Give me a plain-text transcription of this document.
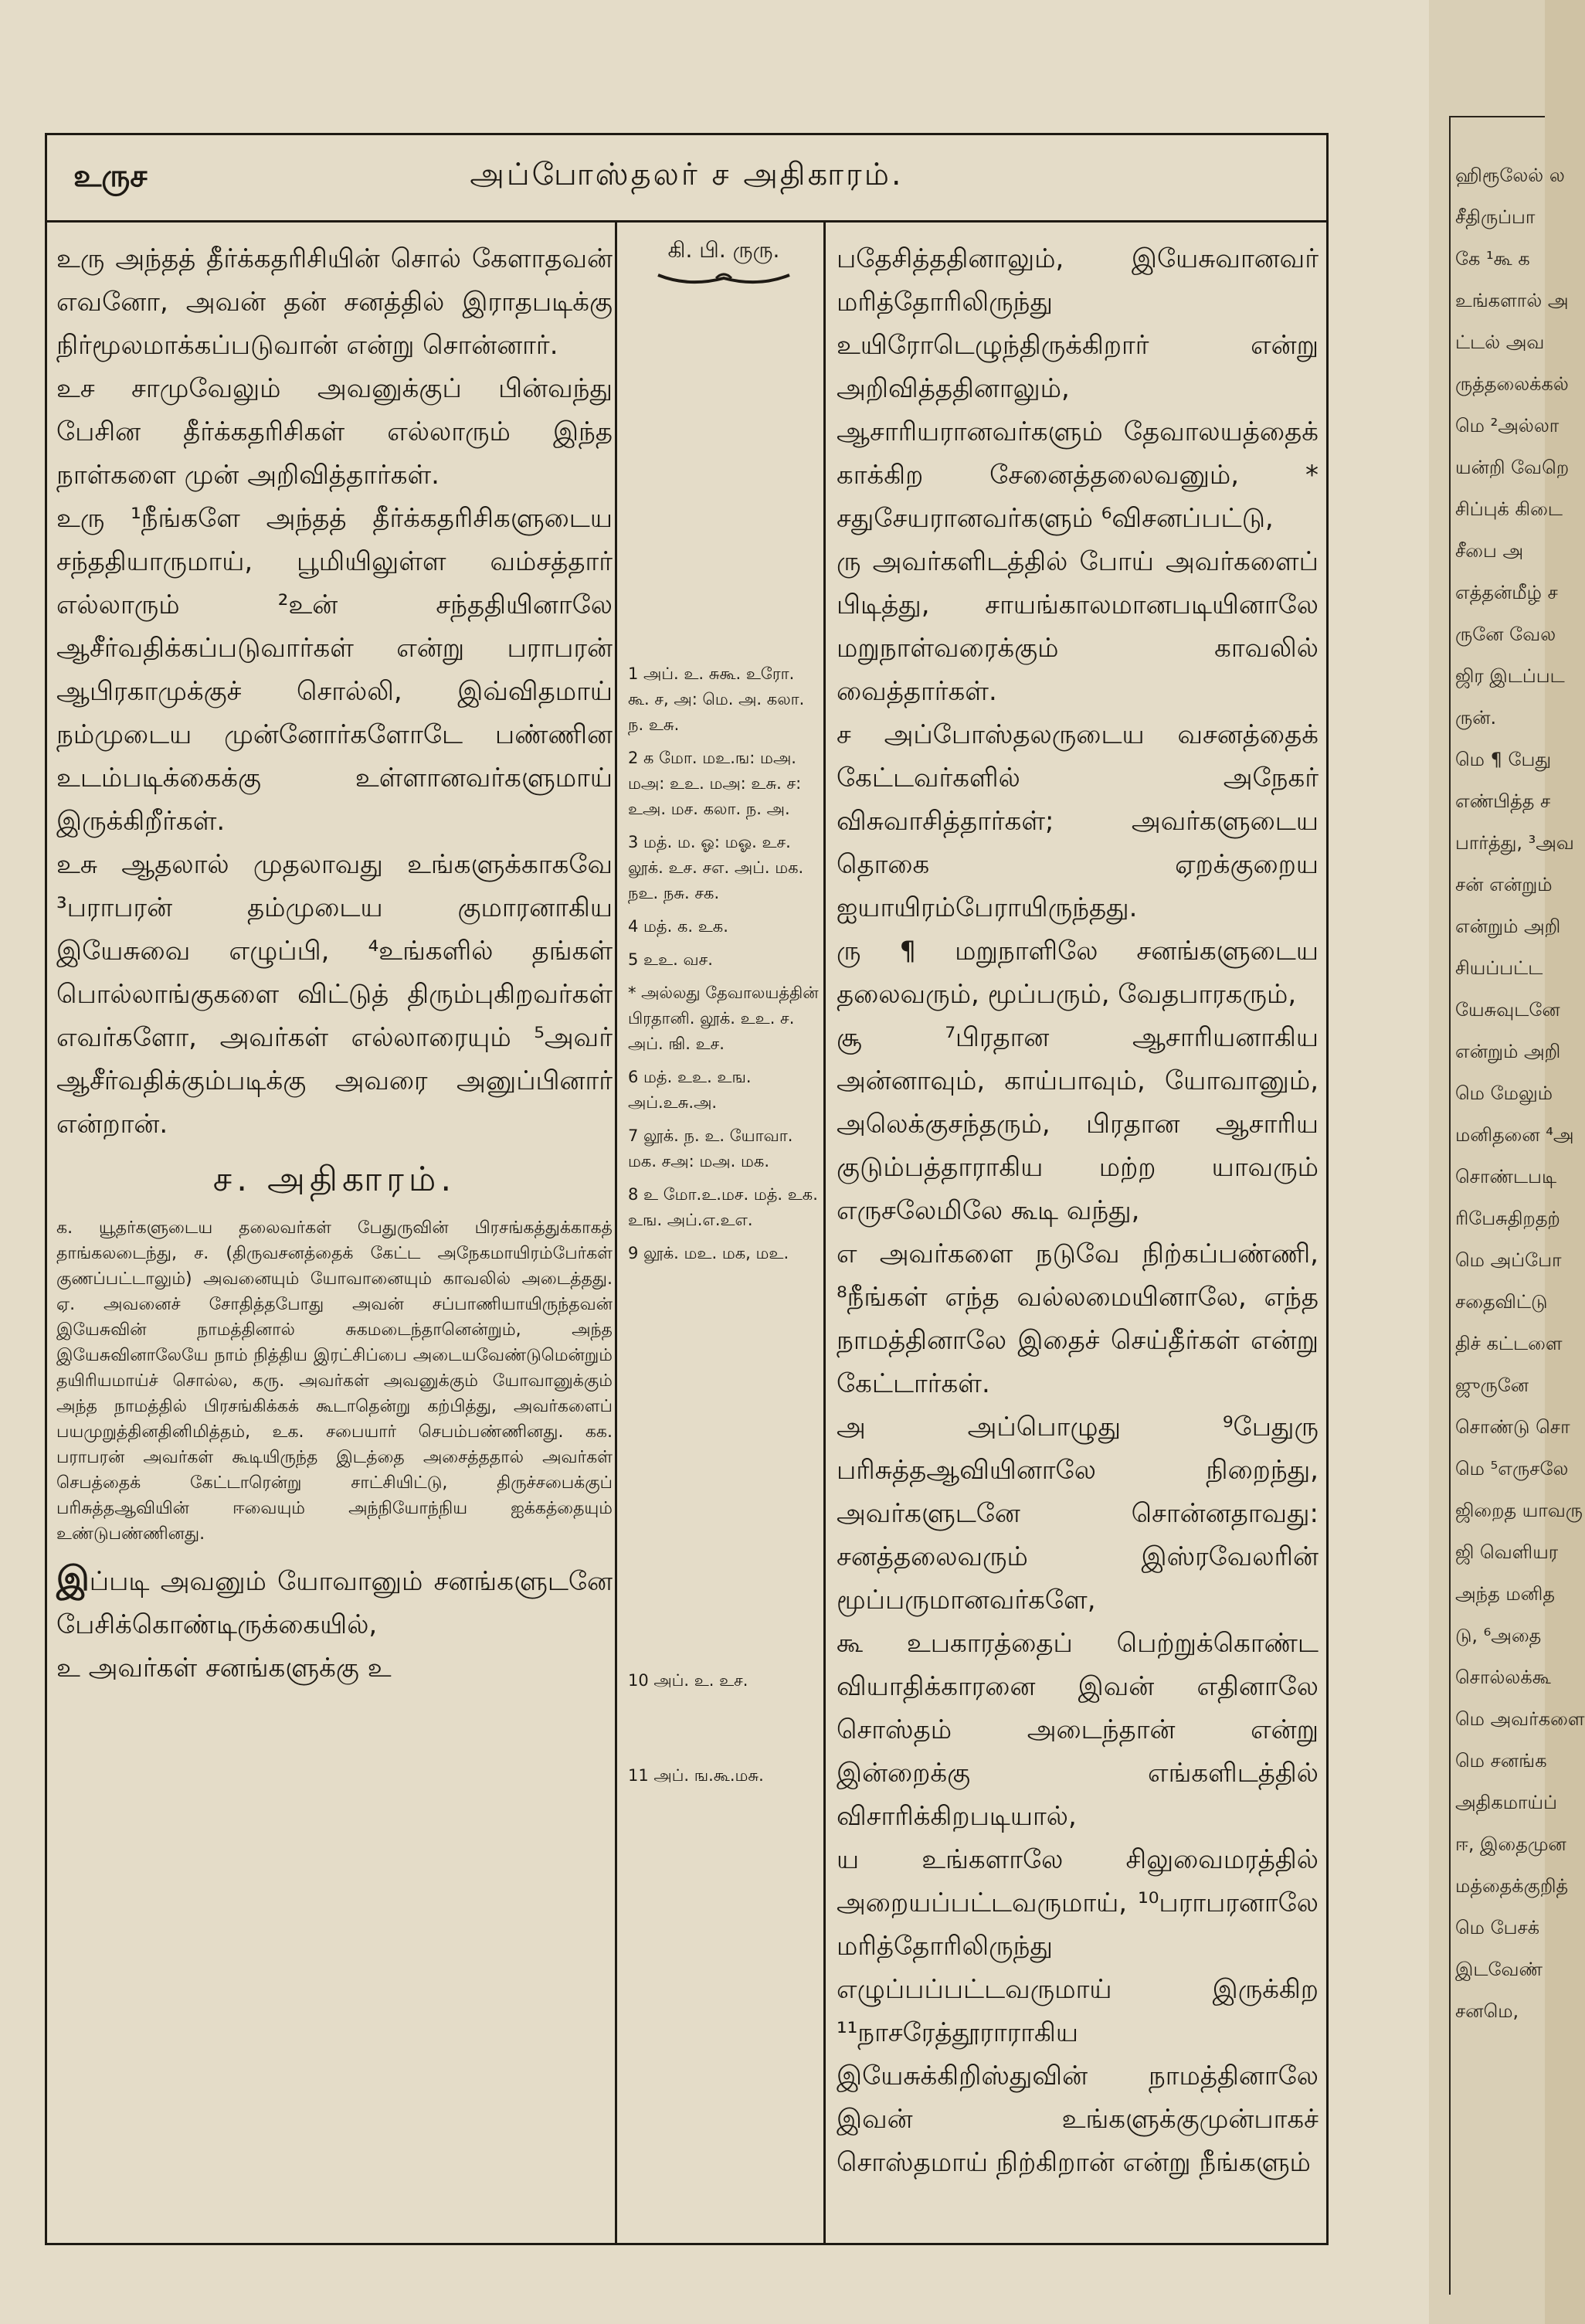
உருச	அப்போஸ்தலர் ச அதிகாரம்.

உரு அந்தத் தீர்க்கதரிசியின் சொல் கேளாதவன் எவனோ, அவன் தன் சனத்தில் இராதபடிக்கு நிர்மூலமாக்கப்படுவான் என்று சொன்னார்.

உச சாமுவேலும் அவனுக்குப் பின்வந்து பேசின தீர்க்கதரிசிகள் எல்லாரும் இந்த நாள்களை முன் அறிவித்தார்கள்.

உரு ¹நீங்களே அந்தத் தீர்க்கதரிசிகளுடைய சந்ததியாருமாய், பூமியிலுள்ள வம்சத்தார் எல்லாரும் ²உன் சந்ததியினாலே ஆசீர்வதிக்கப்படுவார்கள் என்று பராபரன் ஆபிரகாமுக்குச் சொல்லி, இவ்விதமாய் நம்முடைய முன்னோர்களோடே பண்ணின உடம்படிக்கைக்கு உள்ளானவர்களுமாய் இருக்கிறீர்கள்.

உசு ஆதலால் முதலாவது உங்களுக்காகவே ³பராபரன் தம்முடைய குமாரனாகிய இயேசுவை எழுப்பி, ⁴உங்களில் தங்கள் பொல்லாங்குகளை விட்டுத் திரும்புகிறவர்கள் எவர்களோ, அவர்கள் எல்லாரையும் ⁵அவர் ஆசீர்வதிக்கும்படிக்கு அவரை அனுப்பினார் என்றான்.

ச. அதிகாரம்.
க. யூதர்களுடைய தலைவர்கள் பேதுருவின் பிரசங்கத்துக்காகத் தாங்கலடைந்து, ச. (திருவசனத்தைக் கேட்ட அநேகமாயிரம்பேர்கள் குணப்பட்டாலும்) அவனையும் யோவானையும் காவலில் அடைத்தது. ஏ. அவனைச் சோதித்தபோது அவன் சப்பாணியாயிருந்தவன் இயேசுவின் நாமத்தினால் சுகமடைந்தானென்றும், அந்த இயேசுவினாலேயே நாம் நித்திய இரட்சிப்பை அடையவேண்டுமென்றும் தயிரியமாய்ச் சொல்ல, கரு. அவர்கள் அவனுக்கும் யோவானுக்கும் அந்த நாமத்தில் பிரசங்கிக்கக் கூடாதென்று கற்பித்து, அவர்களைப் பயமுறுத்தினதினிமித்தம், உக. சபையார் செபம்பண்ணினது. கக. பராபரன் அவர்கள் கூடியிருந்த இடத்தை அசைத்ததால் அவர்கள் செபத்தைக் கேட்டாரென்று சாட்சியிட்டு, திருச்சபைக்குப் பரிசுத்தஆவியின் ஈவையும் அந்நியோந்நிய ஐக்கத்தையும் உண்டுபண்ணினது.

இப்படி அவனும் யோவானும் சனங்களுடனே பேசிக்கொண்டிருக்கையில்,

உ அவர்கள் சனங்களுக்கு உ

கி. பி. ருரு.
1 அப். உ. சுகூ. உரோ. கூ. ச, அ: மெ. அ. கலா. ந. உசு.
2 க மோ. மஉ.ங: மஅ. மஅ: உஉ. மஅ: உசு. ச: உஅ. மச. கலா. ந. அ.
3 மத். ம. ஓ: மஓ. உச. லூக். உச. சஎ. அப். மக. நஉ. நசு. சக.
4 மத். க. உக.
5 உஉ. வச.
* அல்லது தேவாலயத்தின் பிரதானி. லூக். உஉ. ச. அப். ஙி. உச.
6 மத். உஉ. உங. அப்.உசு.அ.
7 லூக். ந. உ. யோவா. மக. சஅ: மஅ. மக.
8 உ மோ.உ.மச. மத். உக. உங. அப்.எ.உஎ.
9 லூக். மஉ. மக, மஉ.
10 அப். உ. உச.
11 அப். ங.கூ.மசு.

பதேசித்ததினாலும், இயேசுவானவர் மரித்தோரிலிருந்து உயிரோடெழுந்திருக்கிறார் என்று அறிவித்ததினாலும், ஆசாரியரானவர்களும் தேவாலயத்தைக் காக்கிற சேனைத்தலைவனும், * சதுசேயரானவர்களும் ⁶விசனப்பட்டு,

ரு அவர்களிடத்தில் போய் அவர்களைப் பிடித்து, சாயங்காலமானபடியினாலே மறுநாள்வரைக்கும் காவலில் வைத்தார்கள்.

ச அப்போஸ்தலருடைய வசனத்தைக் கேட்டவர்களில் அநேகர் விசுவாசித்தார்கள்; அவர்களுடைய தொகை ஏறக்குறைய ஐயாயிரம்பேராயிருந்தது.

ரு ¶ மறுநாளிலே சனங்களுடைய தலைவரும், மூப்பரும், வேதபாரகரும்,

சூ ⁷பிரதான ஆசாரியனாகிய அன்னாவும், காய்பாவும், யோவானும், அலெக்குசந்தரும், பிரதான ஆசாரிய குடும்பத்தாராகிய மற்ற யாவரும் எருசலேமிலே கூடி வந்து,

எ அவர்களை நடுவே நிற்கப்பண்ணி, ⁸நீங்கள் எந்த வல்லமையினாலே, எந்த நாமத்தினாலே இதைச் செய்தீர்கள் என்று கேட்டார்கள்.

அ அப்பொழுது ⁹பேதுரு பரிசுத்தஆவியினாலே நிறைந்து, அவர்களுடனே சொன்னதாவது: சனத்தலைவரும் இஸ்ரவேலரின் மூப்பருமானவர்களே,

கூ உபகாரத்தைப் பெற்றுக்கொண்ட வியாதிக்காரனை இவன் எதினாலே சொஸ்தம் அடைந்தான் என்று இன்றைக்கு எங்களிடத்தில் விசாரிக்கிறபடியால்,

ய உங்களாலே சிலுவைமரத்தில் அறையப்பட்டவருமாய், ¹⁰பராபரனாலே மரித்தோரிலிருந்து எழுப்பப்பட்டவருமாய் இருக்கிற ¹¹நாசரேத்தூராராகிய இயேசுக்கிறிஸ்துவின் நாமத்தினாலே இவன் உங்களுக்குமுன்பாகச் சொஸ்தமாய் நிற்கிறான் என்று நீங்களும்

ஹிரூலேல் ல
சீதிருப்பா
கே ¹கூ க
உங்களால் அ
ட்டல் அவ
ருத்தலைக்கல்
மெ ²அல்லா
யன்றி வேறெ
சிப்புக் கிடை
சீபை அ
எத்தன்மீழ் ச
ருனே வேல
ஜிர இடப்பட
ருன்.
மெ ¶ பேது
எண்பித்த ச
பார்த்து, ³அவ
சன் என்றும்
என்றும் அறி
சியப்பட்ட
யேசுவுடனே
என்றும் அறி
மெ மேலும்
மனிதனை ⁴அ
சொண்டபடி
ரிபேசுதிறதற்
மெ அப்போ
சதைவிட்டு
திச் கட்டளை
ஜுருனே
சொண்டு சொ
மெ ⁵எருசலே
ஜிறைத யாவரு
ஜி வெளியர
அந்த மனித
டு, ⁶அதை
சொல்லக்கூ
மெ அவர்களை
மெ சனங்க
அதிகமாய்ப்
ஈ, இதைமுன
மத்தைக்குறித்
மெ பேசக்
இடவேண்
சனமெ,
